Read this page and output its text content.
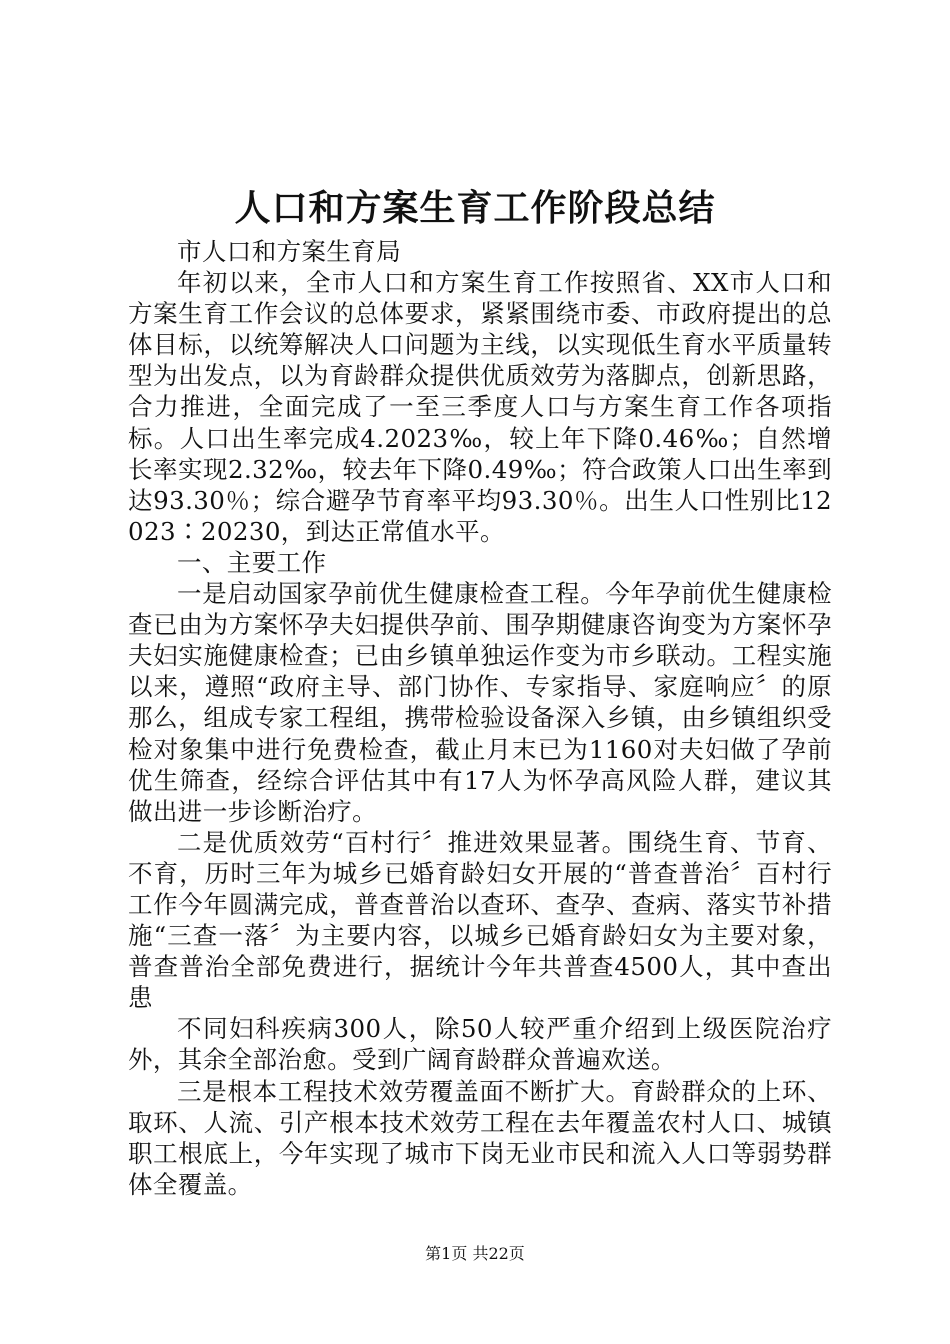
人口和方案生育工作阶段总结

市人口和方案生育局

年初以来，全市人口和方案生育工作按照省、XX市人口和方案生育工作会议的总体要求，紧紧围绕市委、市政府提出的总体目标，以统筹解决人口问题为主线，以实现低生育水平质量转型为出发点，以为育龄群众提供优质效劳为落脚点，创新思路，合力推进，全面完成了一至三季度人口与方案生育工作各项指标。人口出生率完成4.2023‰，较上年下降0.46‰；自然增长率实现2.32‰，较去年下降0.49‰；符合政策人口出生率到达93.30％；综合避孕节育率平均93.30％。出生人口性别比12023∶20230，到达正常值水平。

一、主要工作

一是启动国家孕前优生健康检查工程。今年孕前优生健康检查已由为方案怀孕夫妇提供孕前、围孕期健康咨询变为方案怀孕夫妇实施健康检查；已由乡镇单独运作变为市乡联动。工程实施以来，遵照“政府主导、部门协作、专家指导、家庭响应〞的原那么，组成专家工程组，携带检验设备深入乡镇，由乡镇组织受检对象集中进行免费检查，截止月末已为1160对夫妇做了孕前优生筛查，经综合评估其中有17人为怀孕高风险人群，建议其做出进一步诊断治疗。

二是优质效劳“百村行〞推进效果显著。围绕生育、节育、不育，历时三年为城乡已婚育龄妇女开展的“普查普治〞百村行工作今年圆满完成，普查普治以查环、查孕、查病、落实节补措施“三查一落〞为主要内容，以城乡已婚育龄妇女为主要对象，普查普治全部免费进行，据统计今年共普查4500人，其中查出患

不同妇科疾病300人，除50人较严重介绍到上级医院治疗外，其余全部治愈。受到广阔育龄群众普遍欢送。

三是根本工程技术效劳覆盖面不断扩大。育龄群众的上环、取环、人流、引产根本技术效劳工程在去年覆盖农村人口、城镇职工根底上，今年实现了城市下岗无业市民和流入人口等弱势群体全覆盖。

第1页 共22页
